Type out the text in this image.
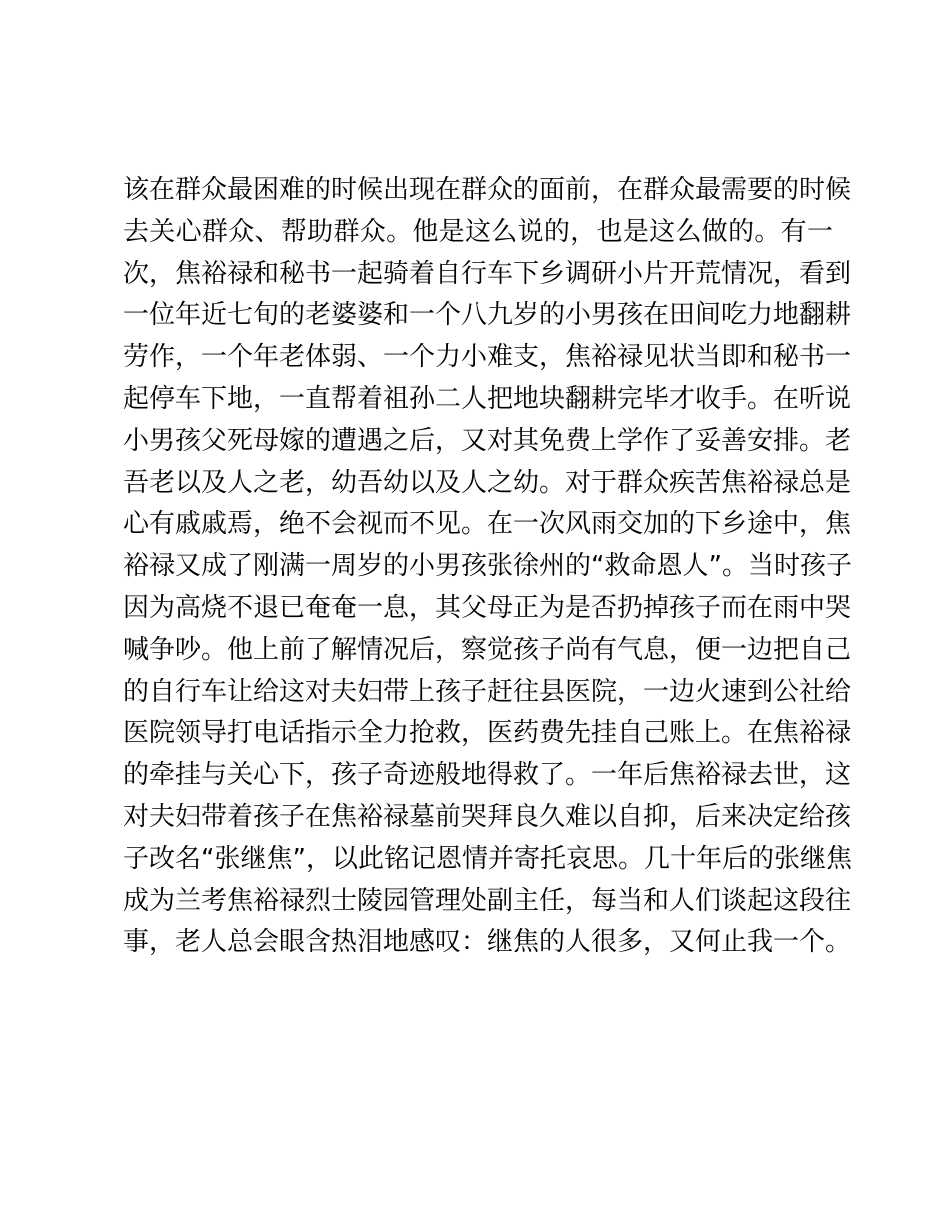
该在群众最困难的时候出现在群众的面前，在群众最需要的时候
去关心群众、帮助群众。他是这么说的，也是这么做的。有一
次，焦裕禄和秘书一起骑着自行车下乡调研小片开荒情况，看到
一位年近七旬的老婆婆和一个八九岁的小男孩在田间吃力地翻耕
劳作，一个年老体弱、一个力小难支，焦裕禄见状当即和秘书一
起停车下地，一直帮着祖孙二人把地块翻耕完毕才收手。在听说
小男孩父死母嫁的遭遇之后，又对其免费上学作了妥善安排。老
吾老以及人之老，幼吾幼以及人之幼。对于群众疾苦焦裕禄总是
心有戚戚焉，绝不会视而不见。在一次风雨交加的下乡途中，焦
裕禄又成了刚满一周岁的小男孩张徐州的“救命恩人”。当时孩子
因为高烧不退已奄奄一息，其父母正为是否扔掉孩子而在雨中哭
喊争吵。他上前了解情况后，察觉孩子尚有气息，便一边把自己
的自行车让给这对夫妇带上孩子赶往县医院，一边火速到公社给
医院领导打电话指示全力抢救，医药费先挂自己账上。在焦裕禄
的牵挂与关心下，孩子奇迹般地得救了。一年后焦裕禄去世，这
对夫妇带着孩子在焦裕禄墓前哭拜良久难以自抑，后来决定给孩
子改名“张继焦”，以此铭记恩情并寄托哀思。几十年后的张继焦
成为兰考焦裕禄烈士陵园管理处副主任，每当和人们谈起这段往
事，老人总会眼含热泪地感叹：继焦的人很多，又何止我一个。
